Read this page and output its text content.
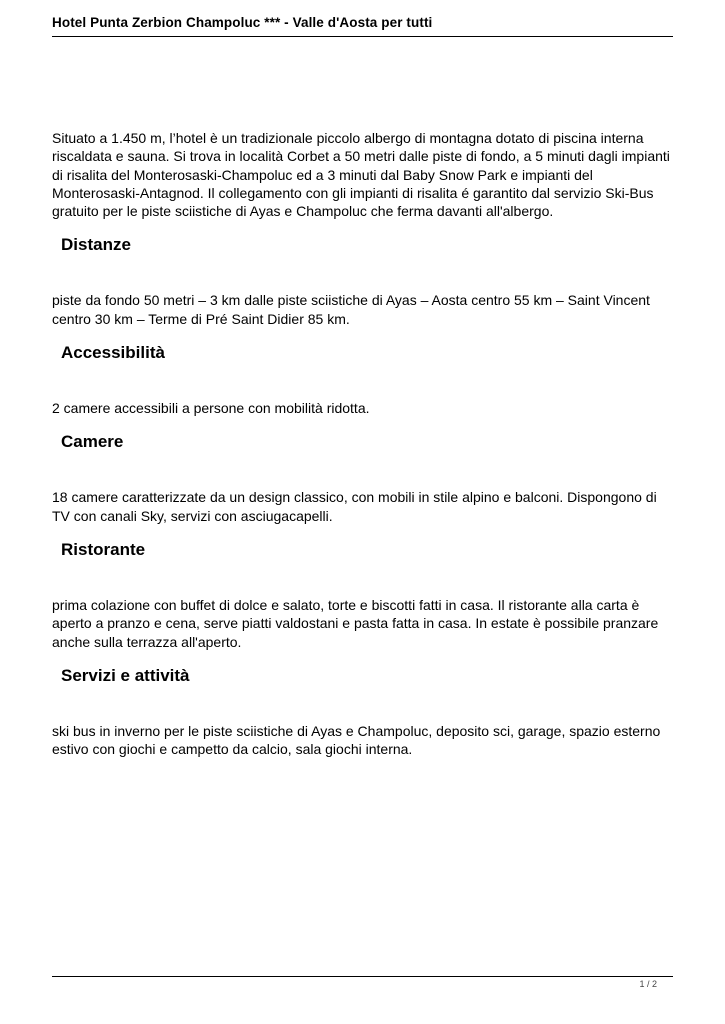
Hotel Punta Zerbion Champoluc *** - Valle d'Aosta per tutti

Situato a 1.450 m, l’hotel è un tradizionale piccolo albergo di montagna dotato di piscina interna riscaldata e sauna. Si trova in località Corbet a 50 metri dalle piste di fondo, a 5 minuti dagli impianti di risalita del Monterosaski-Champoluc ed a 3 minuti dal Baby Snow Park e impianti del Monterosaski-Antagnod. Il collegamento con gli impianti di risalita é garantito dal servizio Ski-Bus gratuito per le piste sciistiche di Ayas e Champoluc che ferma davanti all'albergo.

Distanze

piste da fondo 50 metri – 3 km dalle piste sciistiche di Ayas – Aosta centro 55 km – Saint Vincent centro 30 km – Terme di Pré Saint Didier 85 km.

Accessibilità

2 camere accessibili a persone con mobilità ridotta.

Camere

18 camere caratterizzate da un design classico, con mobili in stile alpino e balconi. Dispongono di TV con canali Sky, servizi con asciugacapelli.

Ristorante

prima colazione con buffet di dolce e salato, torte e biscotti fatti in casa. Il ristorante alla carta è aperto a pranzo e cena, serve piatti valdostani e pasta fatta in casa. In estate è possibile pranzare anche sulla terrazza all'aperto.

Servizi e attività

ski bus in inverno per le piste sciistiche di Ayas e Champoluc, deposito sci, garage, spazio esterno estivo con giochi e campetto da calcio, sala giochi interna.

1 / 2
